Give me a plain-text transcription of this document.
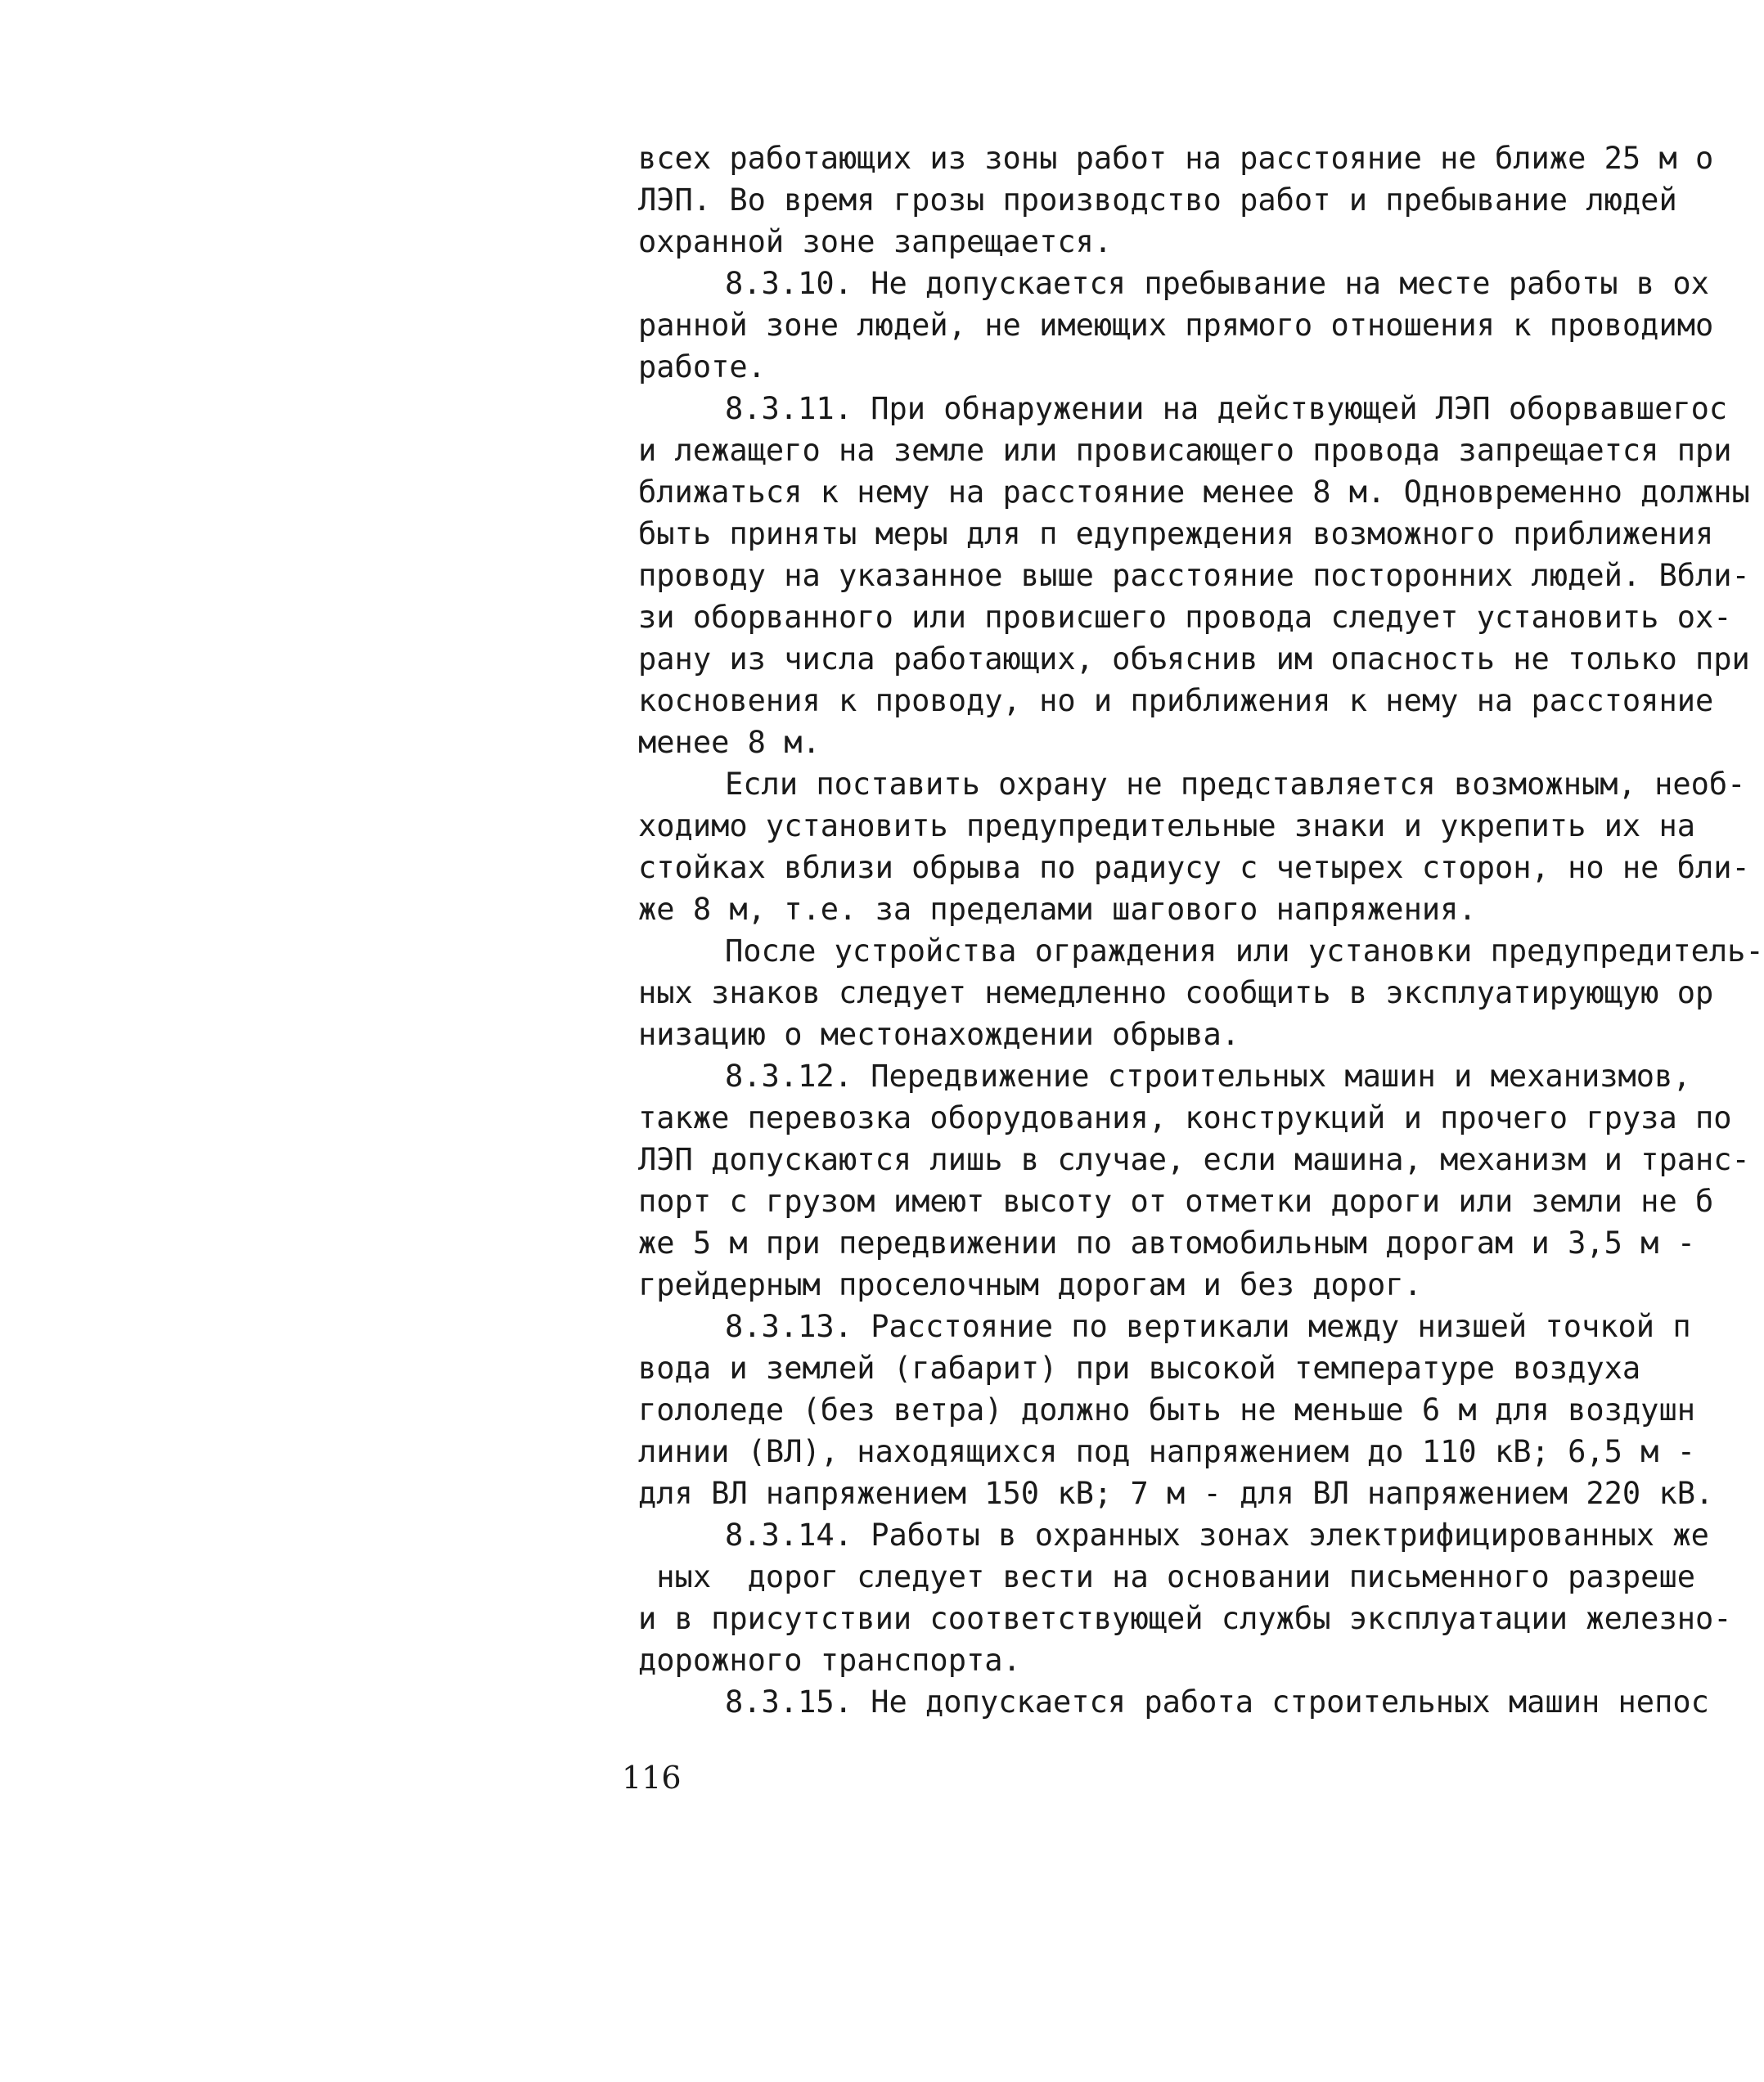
всех работающих из зоны работ на расстояние не ближе 25 м о
ЛЭП. Во время грозы производство работ и пребывание людей
охранной зоне запрещается.
8.3.10. Не допускается пребывание на месте работы в ох
ранной зоне людей, не имеющих прямого отношения к проводимо
работе.
8.3.11. При обнаружении на действующей ЛЭП оборвавшегос
и лежащего на земле или провисающего провода запрещается при
ближаться к нему на расстояние менее 8 м. Одновременно должны
быть приняты меры для п едупреждения возможного приближения
проводу на указанное выше расстояние посторонних людей. Вбли-
зи оборванного или провисшего провода следует установить ох-
рану из числа работающих, объяснив им опасность не только при
косновения к проводу, но и приближения к нему на расстояние
менее 8 м.
Если поставить охрану не представляется возможным, необ-
ходимо установить предупредительные знаки и укрепить их на
стойках вблизи обрыва по радиусу с четырех сторон, но не бли-
же 8 м, т.е. за пределами шагового напряжения.
После устройства ограждения или установки предупредитель-
ных знаков следует немедленно сообщить в эксплуатирующую ор
низацию о местонахождении обрыва.
8.3.12. Передвижение строительных машин и механизмов,
также перевозка оборудования, конструкций и прочего груза по
ЛЭП допускаются лишь в случае, если машина, механизм и транс-
порт с грузом имеют высоту от отметки дороги или земли не б
же 5 м при передвижении по автомобильным дорогам и 3,5 м -
грейдерным проселочным дорогам и без дорог.
8.3.13. Расстояние по вертикали между низшей точкой п
вода и землей (габарит) при высокой температуре воздуха
гололеде (без ветра) должно быть не меньше 6 м для воздушн
линии (ВЛ), находящихся под напряжением до 110 кВ; 6,5 м -
для ВЛ напряжением 150 кВ; 7 м - для ВЛ напряжением 220 кВ.
8.3.14. Работы в охранных зонах электрифицированных же
ных  дорог следует вести на основании письменного разреше
и в присутствии соответствующей службы эксплуатации железно-
дорожного транспорта.
8.3.15. Не допускается работа строительных машин непос
116
